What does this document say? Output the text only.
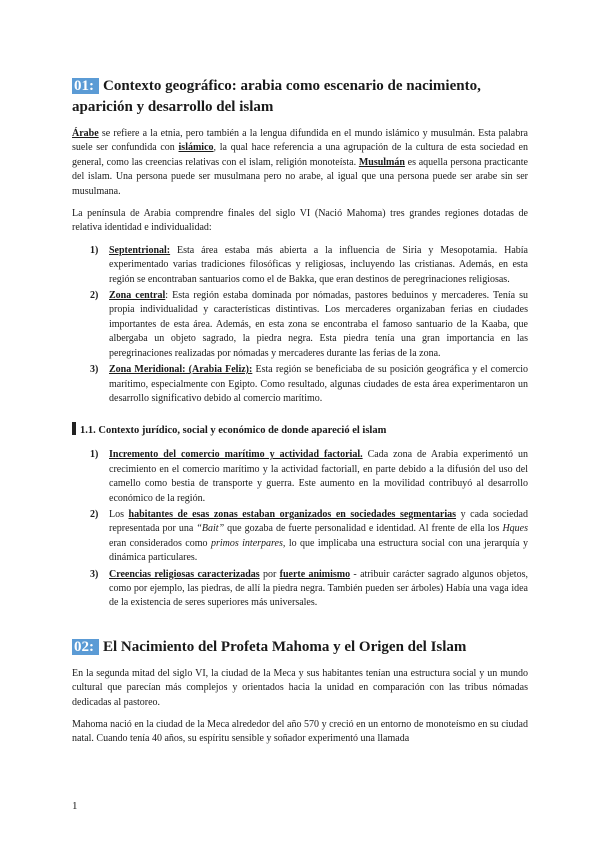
01: Contexto geográfico: arabia como escenario de nacimiento, aparición y desarrollo del islam

Árabe se refiere a la etnia, pero también a la lengua difundida en el mundo islámico y musulmán. Esta palabra suele ser confundida con islámico, la qual hace referencia a una agrupación de la cultura de esta sociedad en general, como las creencias relativas con el islam, religión monoteísta. Musulmán es aquella persona practicante del islam. Una persona puede ser musulmana pero no arabe, al igual que una persona puede ser arabe sin ser musulmana.

La península de Arabia comprendre finales del siglo VI (Nació Mahoma) tres grandes regiones dotadas de relativa identidad e individualidad:

1) Septentrional: Esta área estaba más abierta a la influencia de Siria y Mesopotamia. Había experimentado varias tradiciones filosóficas y religiosas, incluyendo las cristianas. Además, en esta región se encontraban santuarios como el de Bakka, que eran destinos de peregrinaciones religiosas.
2) Zona central: Esta región estaba dominada por nómadas, pastores beduinos y mercaderes. Tenía su propia individualidad y características distintivas. Los mercaderes organizaban ferias en ciudades importantes de esta área. Además, en esta zona se encontraba el famoso santuario de la Kaaba, que albergaba un objeto sagrado, la piedra negra. Esta piedra tenía una gran importancia en las peregrinaciones realizadas por nómadas y mercaderes durante las ferias de la zona.
3) Zona Meridional: (Arabia Feliz): Esta región se beneficiaba de su posición geográfica y el comercio marítimo, especialmente con Egipto. Como resultado, algunas ciudades de esta área experimentaron un desarrollo significativo debido al comercio marítimo.
1.1. Contexto jurídico, social y económico de donde apareció el islam
1) Incremento del comercio marítimo y actividad factorial. Cada zona de Arabia experimentó un crecimiento en el comercio marítimo y la actividad factoriall, en parte debido a la difusión del uso del camello como bestia de transporte y guerra. Este aumento en la movilidad contribuyó al desarrollo económico de la región.
2) Los habitantes de esas zonas estaban organizados en sociedades segmentarias y cada sociedad representada por una “Bait” que gozaba de fuerte personalidad e identidad. Al frente de ella los Hques eran considerados como primos interpares, lo que implicaba una estructura social con una jerarquía y dinámica particulares.
3) Creencias religiosas caracterizadas por fuerte animismo - atribuir carácter sagrado algunos objetos, como por ejemplo, las piedras, de allí la piedra negra. También pueden ser árboles) Había una vaga idea de la existencia de seres superiores más universales.
02: El Nacimiento del Profeta Mahoma y el Origen del Islam

En la segunda mitad del siglo VI, la ciudad de la Meca y sus habitantes tenían una estructura social y un mundo cultural que parecían más complejos y orientados hacia la unidad en comparación con las tribus nómadas dedicadas al pastoreo.

Mahoma nació en la ciudad de la Meca alrededor del año 570 y creció en un entorno de monoteísmo en su ciudad natal. Cuando tenía 40 años, su espíritu sensible y soñador experimentó una llamada

1
